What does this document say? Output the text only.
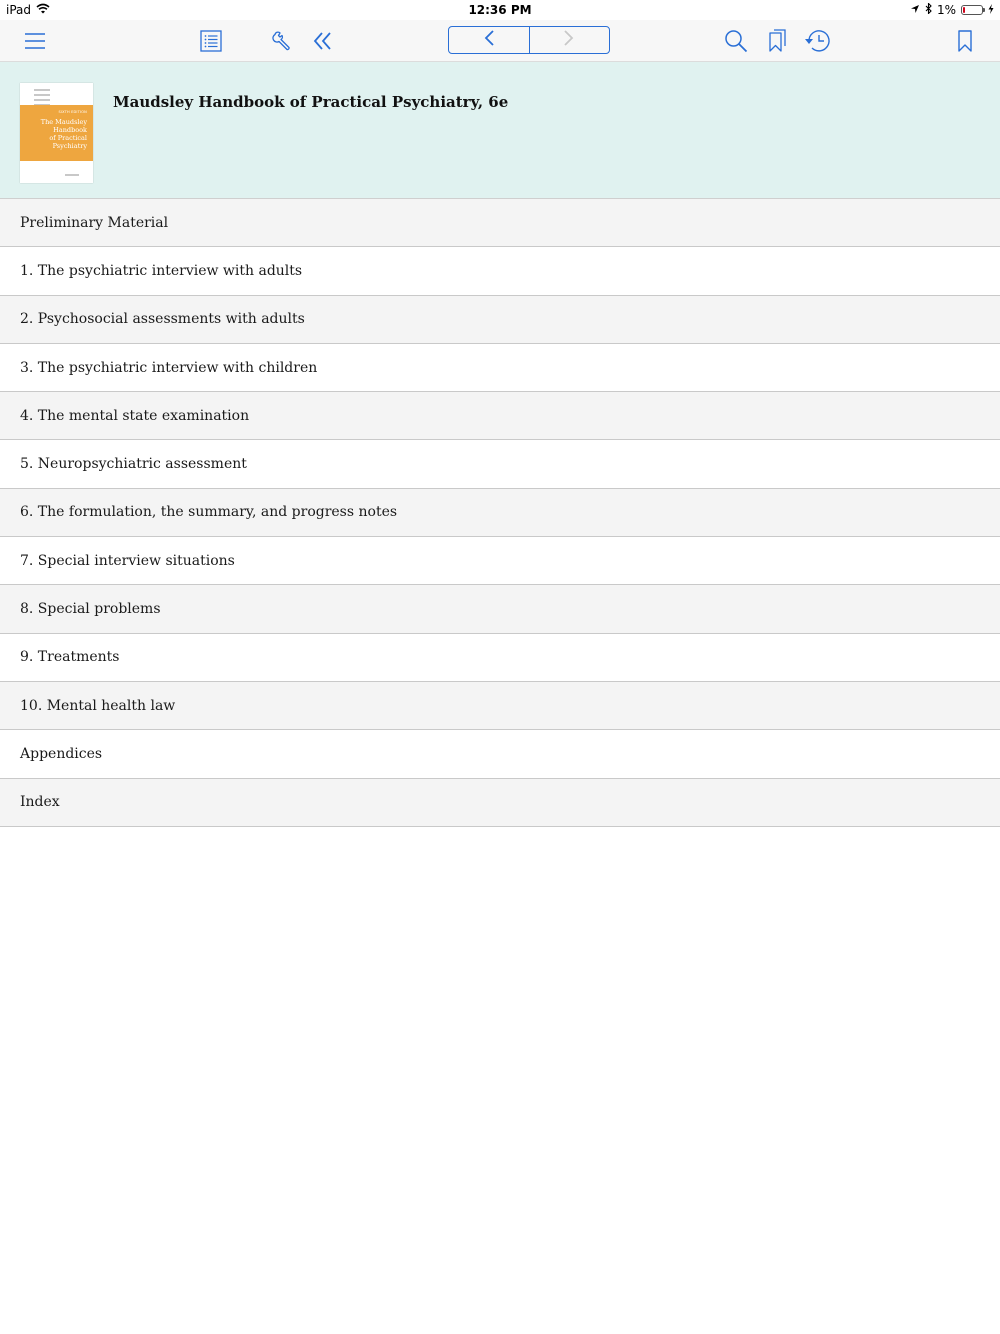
iPad	12:36 PM	1%
SIXTH EDITION
The Maudsley
Handbook
of Practical
Psychiatry
Maudsley Handbook of Practical Psychiatry, 6e
Preliminary Material
1. The psychiatric interview with adults
2. Psychosocial assessments with adults
3. The psychiatric interview with children
4. The mental state examination
5. Neuropsychiatric assessment
6. The formulation, the summary, and progress notes
7. Special interview situations
8. Special problems
9. Treatments
10. Mental health law
Appendices
Index
